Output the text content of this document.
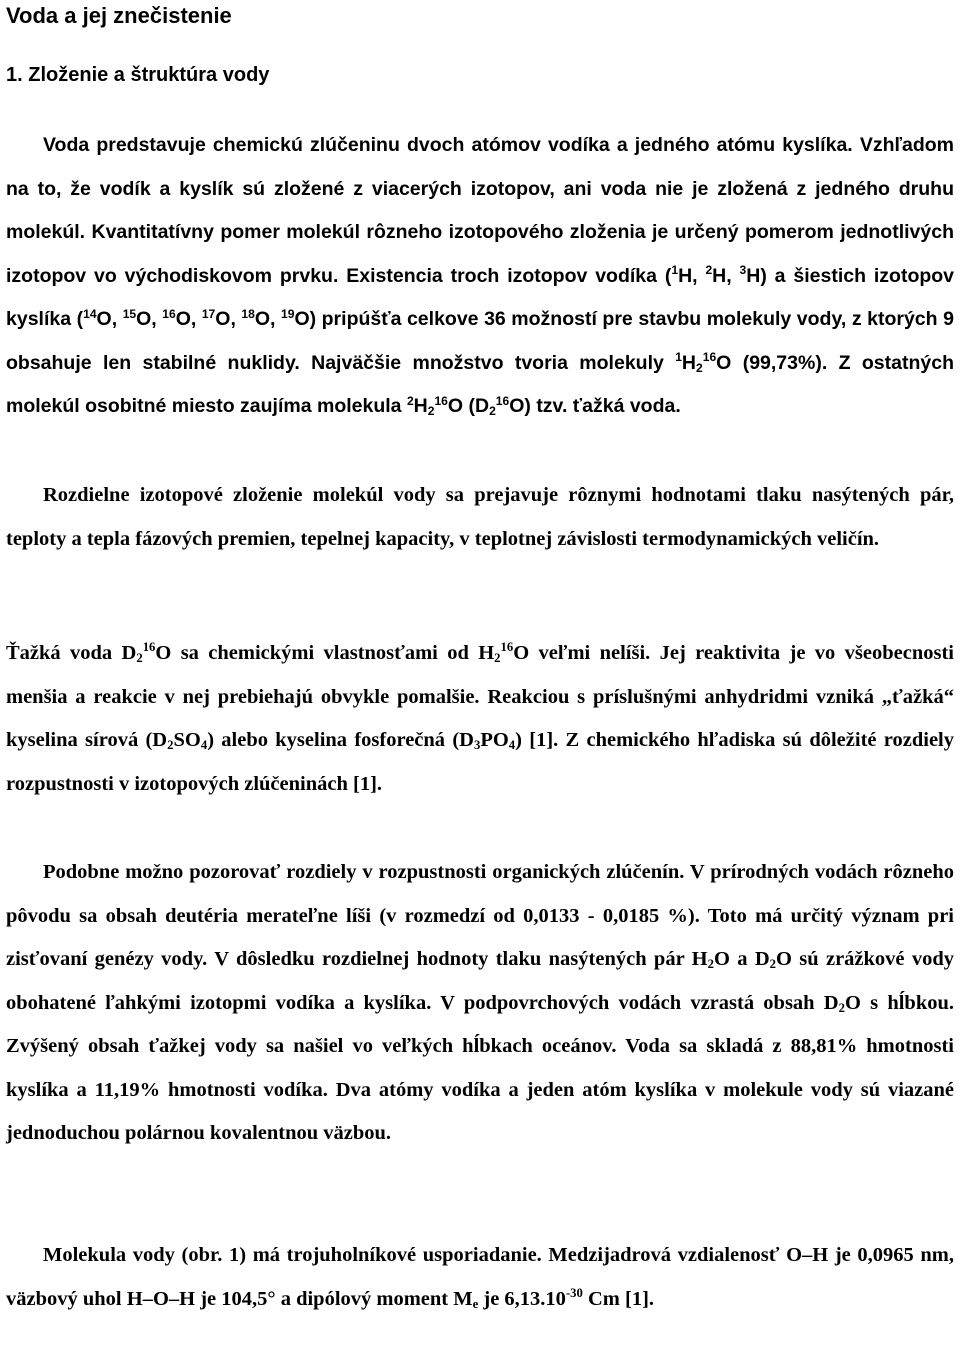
Voda a jej znečistenie
1. Zloženie a štruktúra vody

Voda predstavuje chemickú zlúčeninu dvoch atómov vodíka a jedného atómu kyslíka. Vzhľadom na to, že vodík a kyslík sú zložené z viacerých izotopov, ani voda nie je zložená z jedného druhu molekúl. Kvantitatívny pomer molekúl rôzneho izotopového zloženia je určený pomerom jednotlivých izotopov vo východiskovom prvku. Existencia troch izotopov vodíka ($^1$H, $^2$H, $^3$H) a šiestich izotopov kyslíka ($^{14}$O, $^{15}$O, $^{16}$O, $^{17}$O, $^{18}$O, $^{19}$O) pripúšťa celkove 36 možností pre stavbu molekuly vody, z ktorých 9 obsahuje len stabilné nuklidy. Najväčšie množstvo tvoria molekuly $^1H_2^{16}O$ (99,73%). Z ostatných molekúl osobitné miesto zaujíma molekula $^2H_2^{16}O$ $(D_2^{16}O)$ tzv. ťažká voda.

Rozdielne izotopové zloženie molekúl vody sa prejavuje rôznymi hodnotami tlaku nasýtených pár, teploty a tepla fázových premien, tepelnej kapacity, v teplotnej závislosti termodynamických veličín.

Ťažká voda $D_2^{16}O$ sa chemickými vlastnosťami od $H_2^{16}O$ veľmi nelíši. Jej reaktivita je vo všeobecnosti menšia a reakcie v nej prebiehajú obvykle pomalšie. Reakciou s príslušnými anhydridmi vzniká „ťažká“ kyselina sírová $(D_2SO_4)$ alebo kyselina fosforečná $(D_3PO_4)$ [1]. Z chemického hľadiska sú dôležité rozdiely rozpustnosti v izotopových zlúčeninách [1].

Podobne možno pozorovať rozdiely v rozpustnosti organických zlúčenín. V prírodných vodách rôzneho pôvodu sa obsah deutéria merateľne líši (v rozmedzí od 0,0133 - 0,0185 %). Toto má určitý význam pri zisťovaní genézy vody. V dôsledku rozdielnej hodnoty tlaku nasýtených pár $H_2O$ a $D_2O$ sú zrážkové vody obohatené ľahkými izotopmi vodíka a kyslíka. V podpovrchových vodách vzrastá obsah $D_2O$ s hĺbkou. Zvýšený obsah ťažkej vody sa našiel vo veľkých hĺbkach oceánov. Voda sa skladá z 88,81% hmotnosti kyslíka a 11,19% hmotnosti vodíka. Dva atómy vodíka a jeden atóm kyslíka v molekule vody sú viazané jednoduchou polárnou kovalentnou väzbou.

Molekula vody (obr. 1) má trojuholníkové usporiadanie. Medzijadrová vzdialenosť O–H je 0,0965 nm, väzbový uhol H–O–H je 104,5° a dipólový moment $M_e$ je $6,13.10^{-30}$ Cm [1].
